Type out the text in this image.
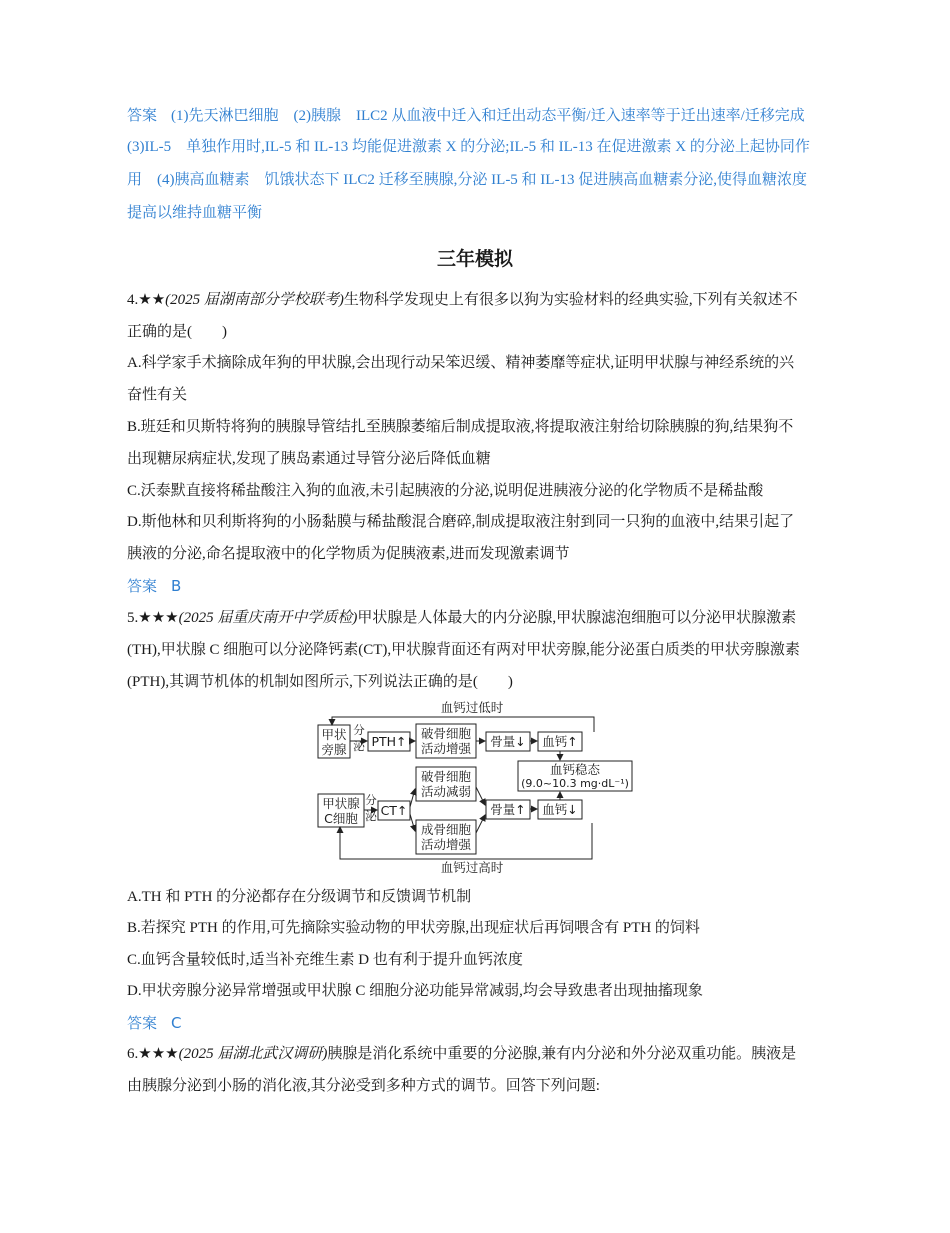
答案 (1)先天淋巴细胞　(2)胰腺　ILC2 从血液中迁入和迁出动态平衡/迁入速率等于迁出速率/迁移完成
(3)IL-5　单独作用时,IL-5 和 IL-13 均能促进激素 X 的分泌;IL-5 和 IL-13 在促进激素 X 的分泌上起协同作
用　(4)胰高血糖素　饥饿状态下 ILC2 迁移至胰腺,分泌 IL-5 和 IL-13 促进胰高血糖素分泌,使得血糖浓度
提高以维持血糖平衡
三年模拟
4.★★(2025 届湖南部分学校联考)生物科学发现史上有很多以狗为实验材料的经典实验,下列有关叙述不
正确的是(　　)
A.科学家手术摘除成年狗的甲状腺,会出现行动呆笨迟缓、精神萎靡等症状,证明甲状腺与神经系统的兴
奋性有关
B.班廷和贝斯特将狗的胰腺导管结扎至胰腺萎缩后制成提取液,将提取液注射给切除胰腺的狗,结果狗不
出现糖尿病症状,发现了胰岛素通过导管分泌后降低血糖
C.沃泰默直接将稀盐酸注入狗的血液,未引起胰液的分泌,说明促进胰液分泌的化学物质不是稀盐酸
D.斯他林和贝利斯将狗的小肠黏膜与稀盐酸混合磨碎,制成提取液注射到同一只狗的血液中,结果引起了
胰液的分泌,命名提取液中的化学物质为促胰液素,进而发现激素调节
答案 B
5.★★★(2025 届重庆南开中学质检)甲状腺是人体最大的内分泌腺,甲状腺滤泡细胞可以分泌甲状腺激素
(TH),甲状腺 C 细胞可以分泌降钙素(CT),甲状腺背面还有两对甲状旁腺,能分泌蛋白质类的甲状旁腺激素
(PTH),其调节机体的机制如图所示,下列说法正确的是(　　)
A.TH 和 PTH 的分泌都存在分级调节和反馈调节机制
B.若探究 PTH 的作用,可先摘除实验动物的甲状旁腺,出现症状后再饲喂含有 PTH 的饲料
C.血钙含量较低时,适当补充维生素 D 也有利于提升血钙浓度
D.甲状旁腺分泌异常增强或甲状腺 C 细胞分泌功能异常减弱,均会导致患者出现抽搐现象
答案 C
6.★★★(2025 届湖北武汉调研)胰腺是消化系统中重要的分泌腺,兼有内分泌和外分泌双重功能。胰液是
由胰腺分泌到小肠的消化液,其分泌受到多种方式的调节。回答下列问题:
血钙过低时
血钙过高时
甲状
旁腺
分
泌 PTH↑
破骨细胞
活动增强 骨量↓ 血钙↑
血钙稳态
(9.0~10.3 mg·dL⁻¹)
甲状腺
C细胞
分
泌 CT↑
破骨细胞
活动减弱
成骨细胞
活动增强
骨量↑ 血钙↓
